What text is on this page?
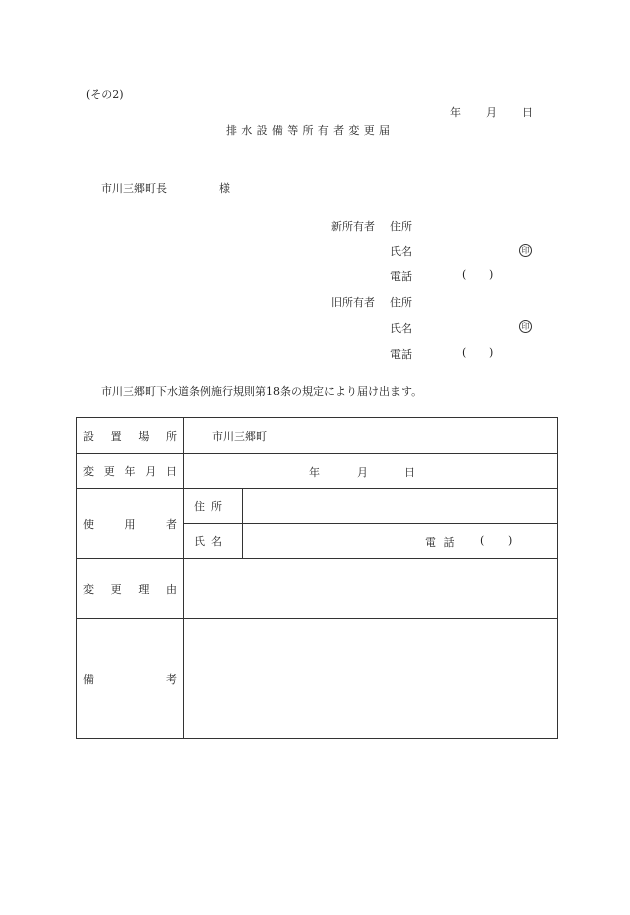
(その2)
年 月 日
排水設備等所有者変更届
市川三郷町長	様
新所有者 住所
氏名	印
電話	( )
旧所有者 住所
氏名	印
電話	( )
市川三郷町下水道条例施行規則第18条の規定により届け出ます。
設 置 場 所	市川三郷町	

変 更 年 月 日	年 月 日	

使 用 者	住 所	

	氏 名	電 話 ( )

変 更 理 由		

備 考		
